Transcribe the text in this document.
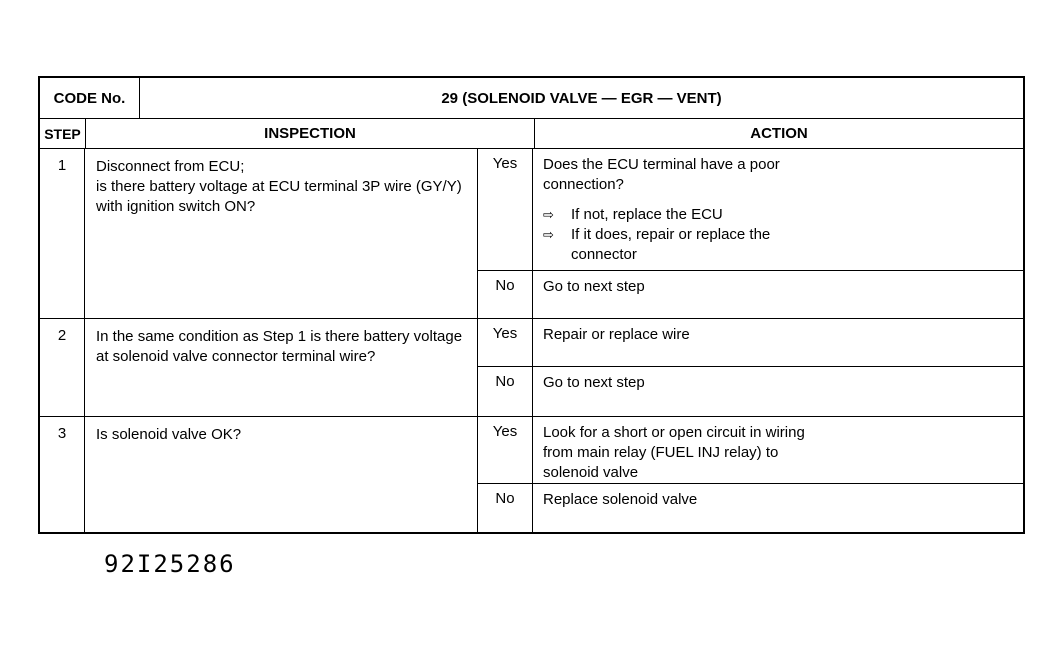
CODE No.	29 (SOLENOID VALVE — EGR — VENT)
STEP	INSPECTION	ACTION
1	Disconnect from ECU;
is there battery voltage at ECU terminal 3P wire (GY/Y) with ignition switch ON?
Yes	Does the ECU terminal have a poor connection?
⇨	If not, replace the ECU
⇨	If it does, repair or replace the connector
No	Go to next step
2	In the same condition as Step 1 is there battery voltage at solenoid valve connector terminal wire?
Yes	Repair or replace wire
No	Go to next step
3	Is solenoid valve OK?	Yes	Look for a short or open circuit in wiring from main relay (FUEL INJ relay) to solenoid valve
No	Replace solenoid valve
92I25286
